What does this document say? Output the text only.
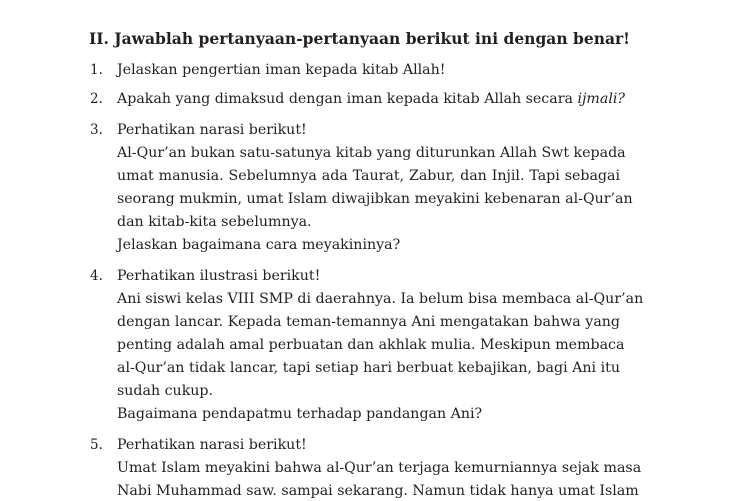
II. Jawablah pertanyaan-pertanyaan berikut ini dengan benar!
1. Jelaskan pengertian iman kepada kitab Allah!
2. Apakah yang dimaksud dengan iman kepada kitab Allah secara ijmali?
3. Perhatikan narasi berikut!
Al-Qur’an bukan satu-satunya kitab yang diturunkan Allah Swt kepada
umat manusia. Sebelumnya ada Taurat, Zabur, dan Injil. Tapi sebagai
seorang mukmin, umat Islam diwajibkan meyakini kebenaran al-Qur’an
dan kitab-kita sebelumnya.
Jelaskan bagaimana cara meyakininya?
4. Perhatikan ilustrasi berikut!
Ani siswi kelas VIII SMP di daerahnya. Ia belum bisa membaca al-Qur’an
dengan lancar. Kepada teman-temannya Ani mengatakan bahwa yang
penting adalah amal perbuatan dan akhlak mulia. Meskipun membaca
al-Qur’an tidak lancar, tapi setiap hari berbuat kebajikan, bagi Ani itu
sudah cukup.
Bagaimana pendapatmu terhadap pandangan Ani?
5. Perhatikan narasi berikut!
Umat Islam meyakini bahwa al-Qur’an terjaga kemurniannya sejak masa
Nabi Muhammad saw. sampai sekarang. Namun tidak hanya umat Islam
